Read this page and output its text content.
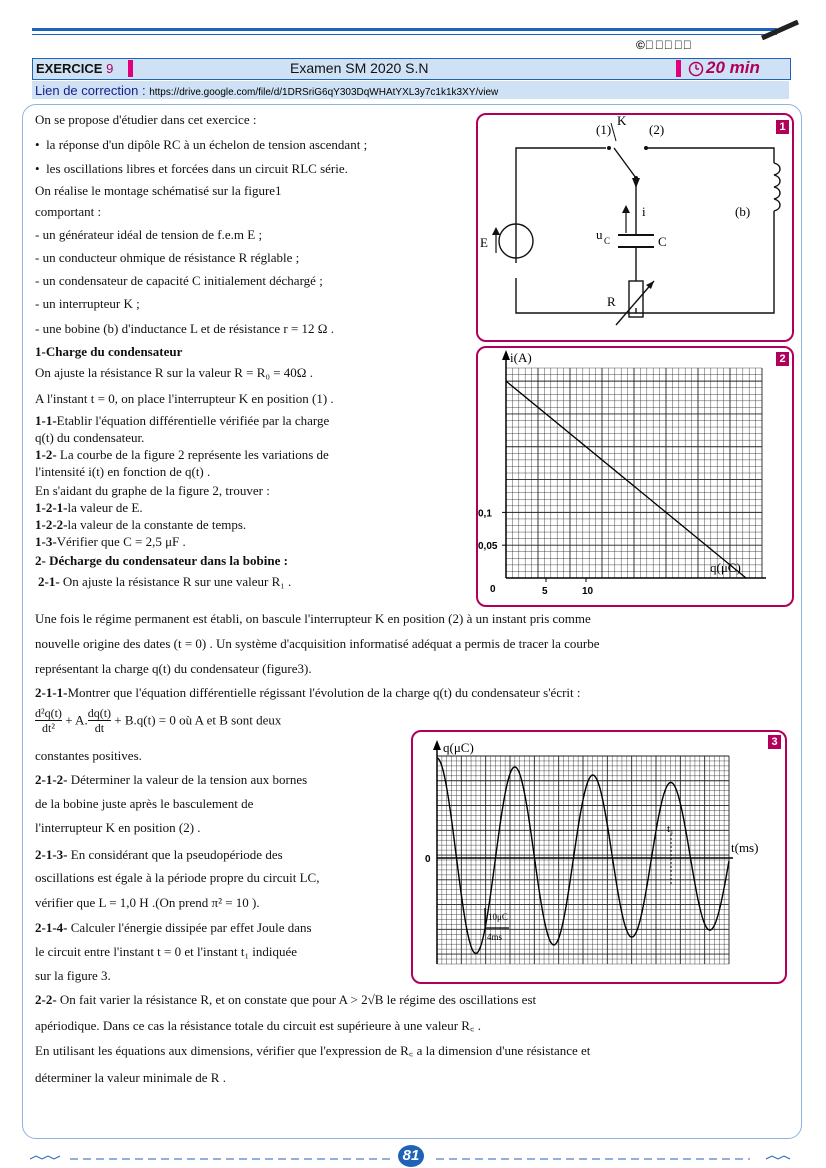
©⃝⊕⃝⊜⃝
EXERCICE 9	Examen SM 2020 S.N	20 min
Lien de correction : https://drive.google.com/file/d/1DRSriG6qY303DqWHAtYXL3y7c1k1k3XY/view
On se propose d'étudier dans cet exercice :
•  la réponse d'un dipôle RC à un échelon de tension ascendant ;
•  les oscillations libres et forcées dans un circuit RLC série.
On réalise le montage schématisé sur la figure1
comportant :
- un générateur idéal de tension de f.e.m E ;
- un conducteur ohmique de résistance R réglable ;
- un condensateur de capacité C initialement déchargé ;
- un interrupteur K ;
- une bobine (b) d'inductance L et de résistance r = 12 Ω .
1-Charge du condensateur
On ajuste la résistance R sur la valeur R = R₀ = 40Ω .
A l'instant t = 0, on place l'interrupteur K en position (1) .
1-1-Etablir l'équation différentielle vérifiée par la charge
q(t) du condensateur.
1-2- La courbe de la figure 2 représente les variations de
l'intensité i(t) en fonction de q(t) .
En s'aidant du graphe de la figure 2, trouver :
1-2-1-la valeur de E.
1-2-2-la valeur de la constante de temps.
1-3-Vérifier que C = 2,5 μF .
2- Décharge du condensateur dans la bobine :
2-1- On ajuste la résistance R sur une valeur R₁ .
Une fois le régime permanent est établi, on bascule l'interrupteur K en position (2) à un instant pris comme
nouvelle origine des dates (t = 0) . Un système d'acquisition informatisé adéquat a permis de tracer la courbe
représentant la charge q(t) du condensateur (figure3).
2-1-1-Montrer que l'équation différentielle régissant l'évolution de la charge q(t) du condensateur s'écrit :
$\frac{\text{d²q(t)}}{\text{dt²}} + A$. $\frac{dq(t)}{dt} + B.q(t) = 0$ où A et B sont deux
constantes positives.
2-1-2- Déterminer la valeur de la tension aux bornes
de la bobine juste après le basculement de
l'interrupteur K en position (2) .
2-1-3- En considérant que la pseudopériode des
oscillations est égale à la période propre du circuit LC,
vérifier que L = 1,0 H .(On prend π² = 10 ).
2-1-4- Calculer l'énergie dissipée par effet Joule dans
le circuit entre l'instant t = 0 et l'instant t₁ indiquée
sur la figure 3.
2-2- On fait varier la résistance R, et on constate que pour A > 2√B le régime des oscillations est
apériodique. Dans ce cas la résistance totale du circuit est supérieure à une valeur R꜀ .
En utilisant les équations aux dimensions, vérifier que l'expression de R꜀ a la dimension d'une résistance et
déterminer la valeur minimale de R .
1
(1)
K
(2)
i	(b)
E
u C	C
R
2
i(A)
q(μC)
0	5	10
0,05
0,1
3
t₁
10μC
4ms
q(μC)
t(ms)
0
81
